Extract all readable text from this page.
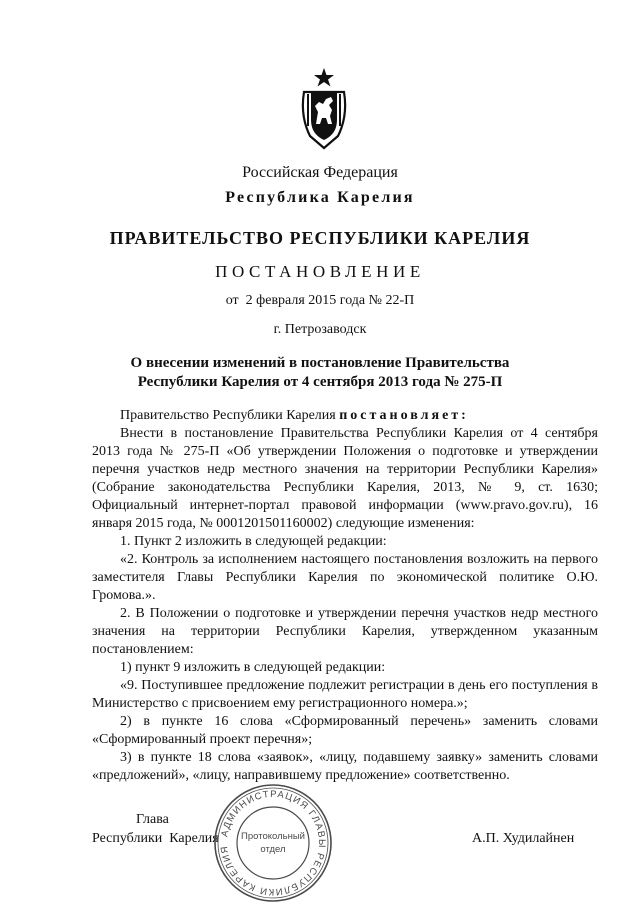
Российская Федерация
Республика Карелия
ПРАВИТЕЛЬСТВО РЕСПУБЛИКИ КАРЕЛИЯ
ПОСТАНОВЛЕНИЕ
от  2 февраля 2015 года № 22-П
г. Петрозаводск
О внесении изменений в постановление Правительства
Республики Карелия от 4 сентября 2013 года № 275-П

Правительство Республики Карелия постановляет:

Внести в постановление Правительства Республики Карелия от 4 сентября 2013 года № 275-П «Об утверждении Положения о подготовке и утверждении перечня участков недр местного значения на территории Республики Карелия» (Собрание законодательства Республики Карелия, 2013, № 9, ст. 1630; Официальный интернет-портал правовой информации (www.pravo.gov.ru), 16 января 2015 года, № 0001201501160002) следующие изменения:

1. Пункт 2 изложить в следующей редакции:

«2. Контроль за исполнением настоящего постановления возложить на первого заместителя Главы Республики Карелия по экономической политике О.Ю. Громова.».

2. В Положении о подготовке и утверждении перечня участков недр местного значения на территории Республики Карелия, утвержденном указанным постановлением:

1) пункт 9 изложить в следующей редакции:

«9. Поступившее предложение подлежит регистрации в день его поступления в Министерство с присвоением ему регистрационного номера.»;

2) в пункте 16 слова «Сформированный перечень» заменить словами «Сформированный проект перечня»;

3) в пункте 18 слова «заявок», «лицу, подавшему заявку» заменить словами «предложений», «лицу, направившему предложение» соответственно.

Глава
Республики  Карелия	А.П. Худилайнен
АДМИНИСТРАЦИЯ ГЛАВЫ РЕСПУБЛИКИ КАРЕЛИЯ
Протокольный
отдел
